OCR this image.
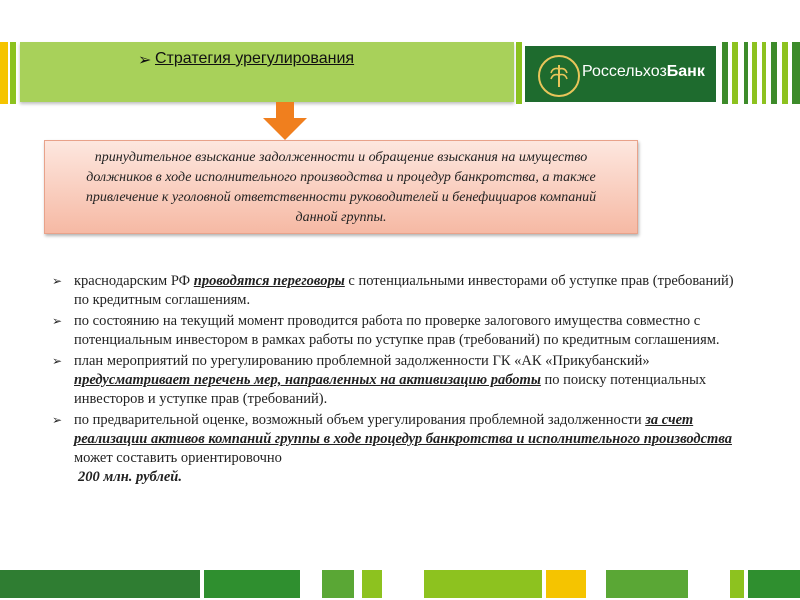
➢ Стратегия урегулирования
РоссельхозБанк
принудительное взыскание задолженности и обращение взыскания на имущество должников в ходе исполнительного производства и процедур банкротства, а также привлечение к уголовной ответственности руководителей и бенефициаров компаний данной группы.
➢ краснодарским РФ проводятся переговоры с потенциальными инвесторами об уступке прав (требований) по кредитным соглашениям.
➢ по состоянию на текущий момент проводится работа по проверке залогового имущества совместно с потенциальным инвестором в рамках работы по уступке прав (требований) по кредитным соглашениям.
➢ план мероприятий по урегулированию проблемной задолженности ГК «АК «Прикубанский» предусматривает перечень мер, направленных на активизацию работы по поиску потенциальных инвесторов и уступке прав (требований).
➢ по предварительной оценке, возможный объем урегулирования проблемной задолженности за счет реализации активов компаний группы в ходе процедур банкротства и исполнительного производства может составить ориентировочно
200 млн. рублей.
